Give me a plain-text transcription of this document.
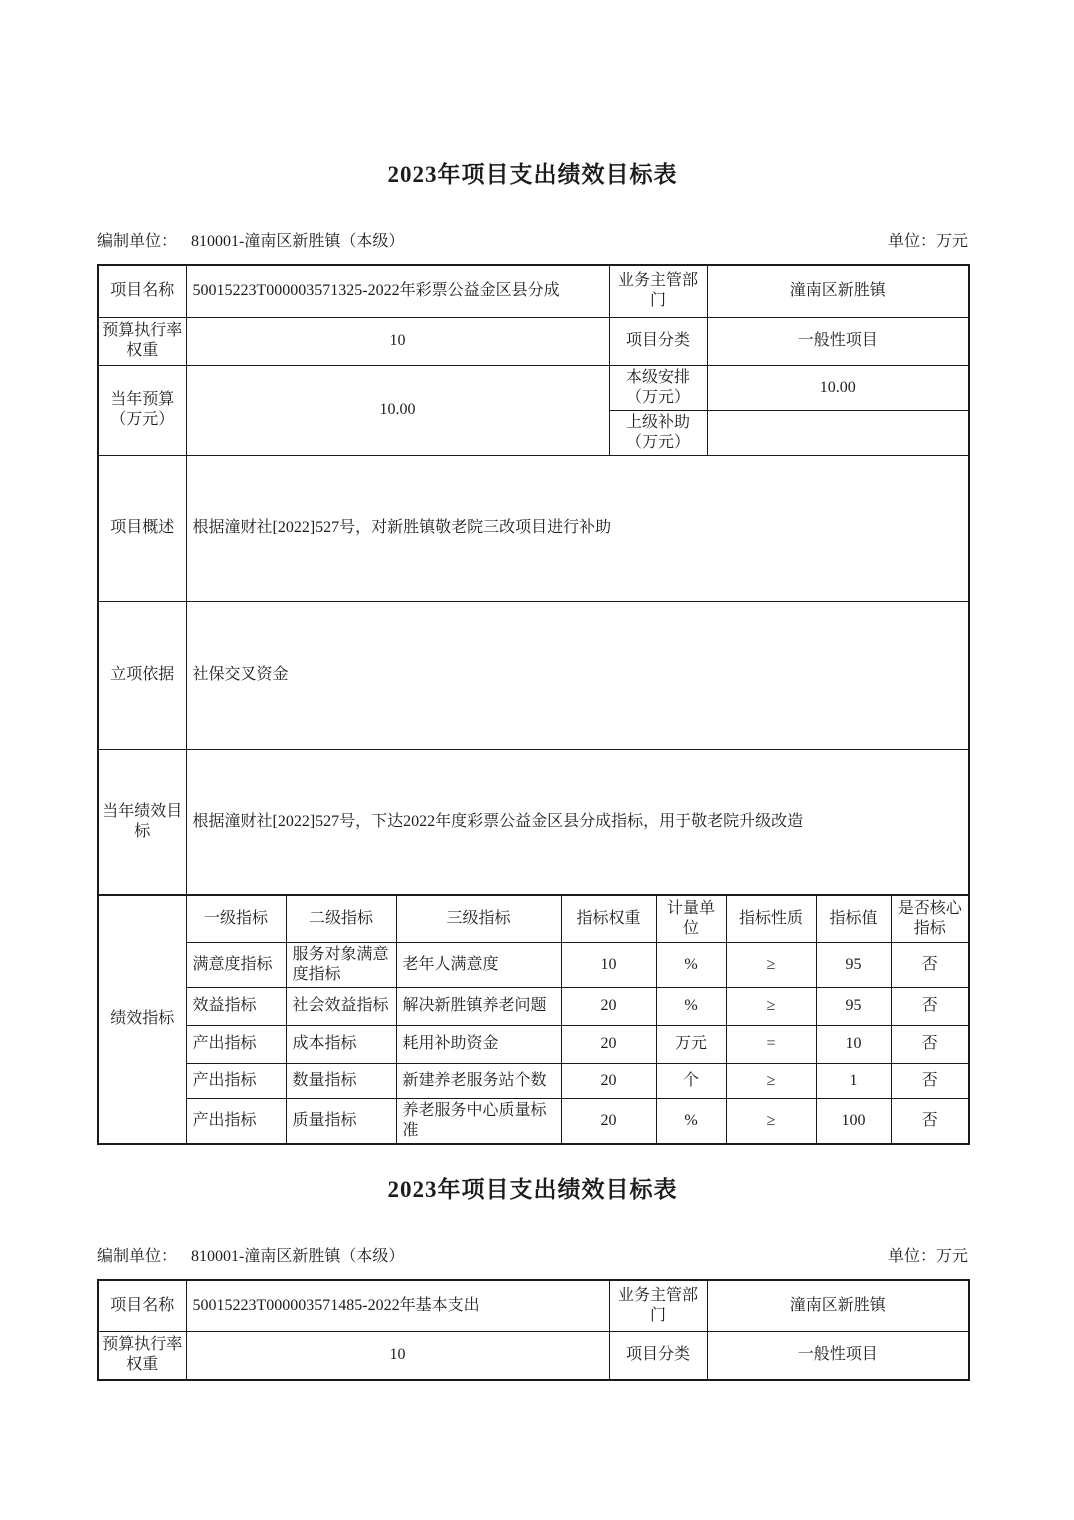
2023年项目支出绩效目标表
编制单位： 810001-潼南区新胜镇（本级）	单位：万元
项目名称	50015223T000003571325-2022年彩票公益金区县分成	业务主管部门	潼南区新胜镇
预算执行率权重	10	项目分类	一般性项目
当年预算（万元）	10.00	本级安排（万元）	10.00
		上级补助（万元）	
项目概述	根据潼财社[2022]527号，对新胜镇敬老院三改项目进行补助		
立项依据	社保交叉资金		
当年绩效目标	根据潼财社[2022]527号，下达2022年度彩票公益金区县分成指标，用于敬老院升级改造		
绩效指标	一级指标	二级指标	三级指标	指标权重	计量单位	指标性质	指标值	是否核心指标
	满意度指标	服务对象满意度指标	老年人满意度	10	%	≥	95	否
	效益指标	社会效益指标	解决新胜镇养老问题	20	%	≥	95	否
	产出指标	成本指标	耗用补助资金	20	万元	=	10	否
	产出指标	数量指标	新建养老服务站个数	20	个	≥	1	否
	产出指标	质量指标	养老服务中心质量标准	20	%	≥	100	否
2023年项目支出绩效目标表
编制单位： 810001-潼南区新胜镇（本级）	单位：万元
项目名称	50015223T000003571485-2022年基本支出	业务主管部门	潼南区新胜镇
预算执行率权重	10	项目分类	一般性项目
